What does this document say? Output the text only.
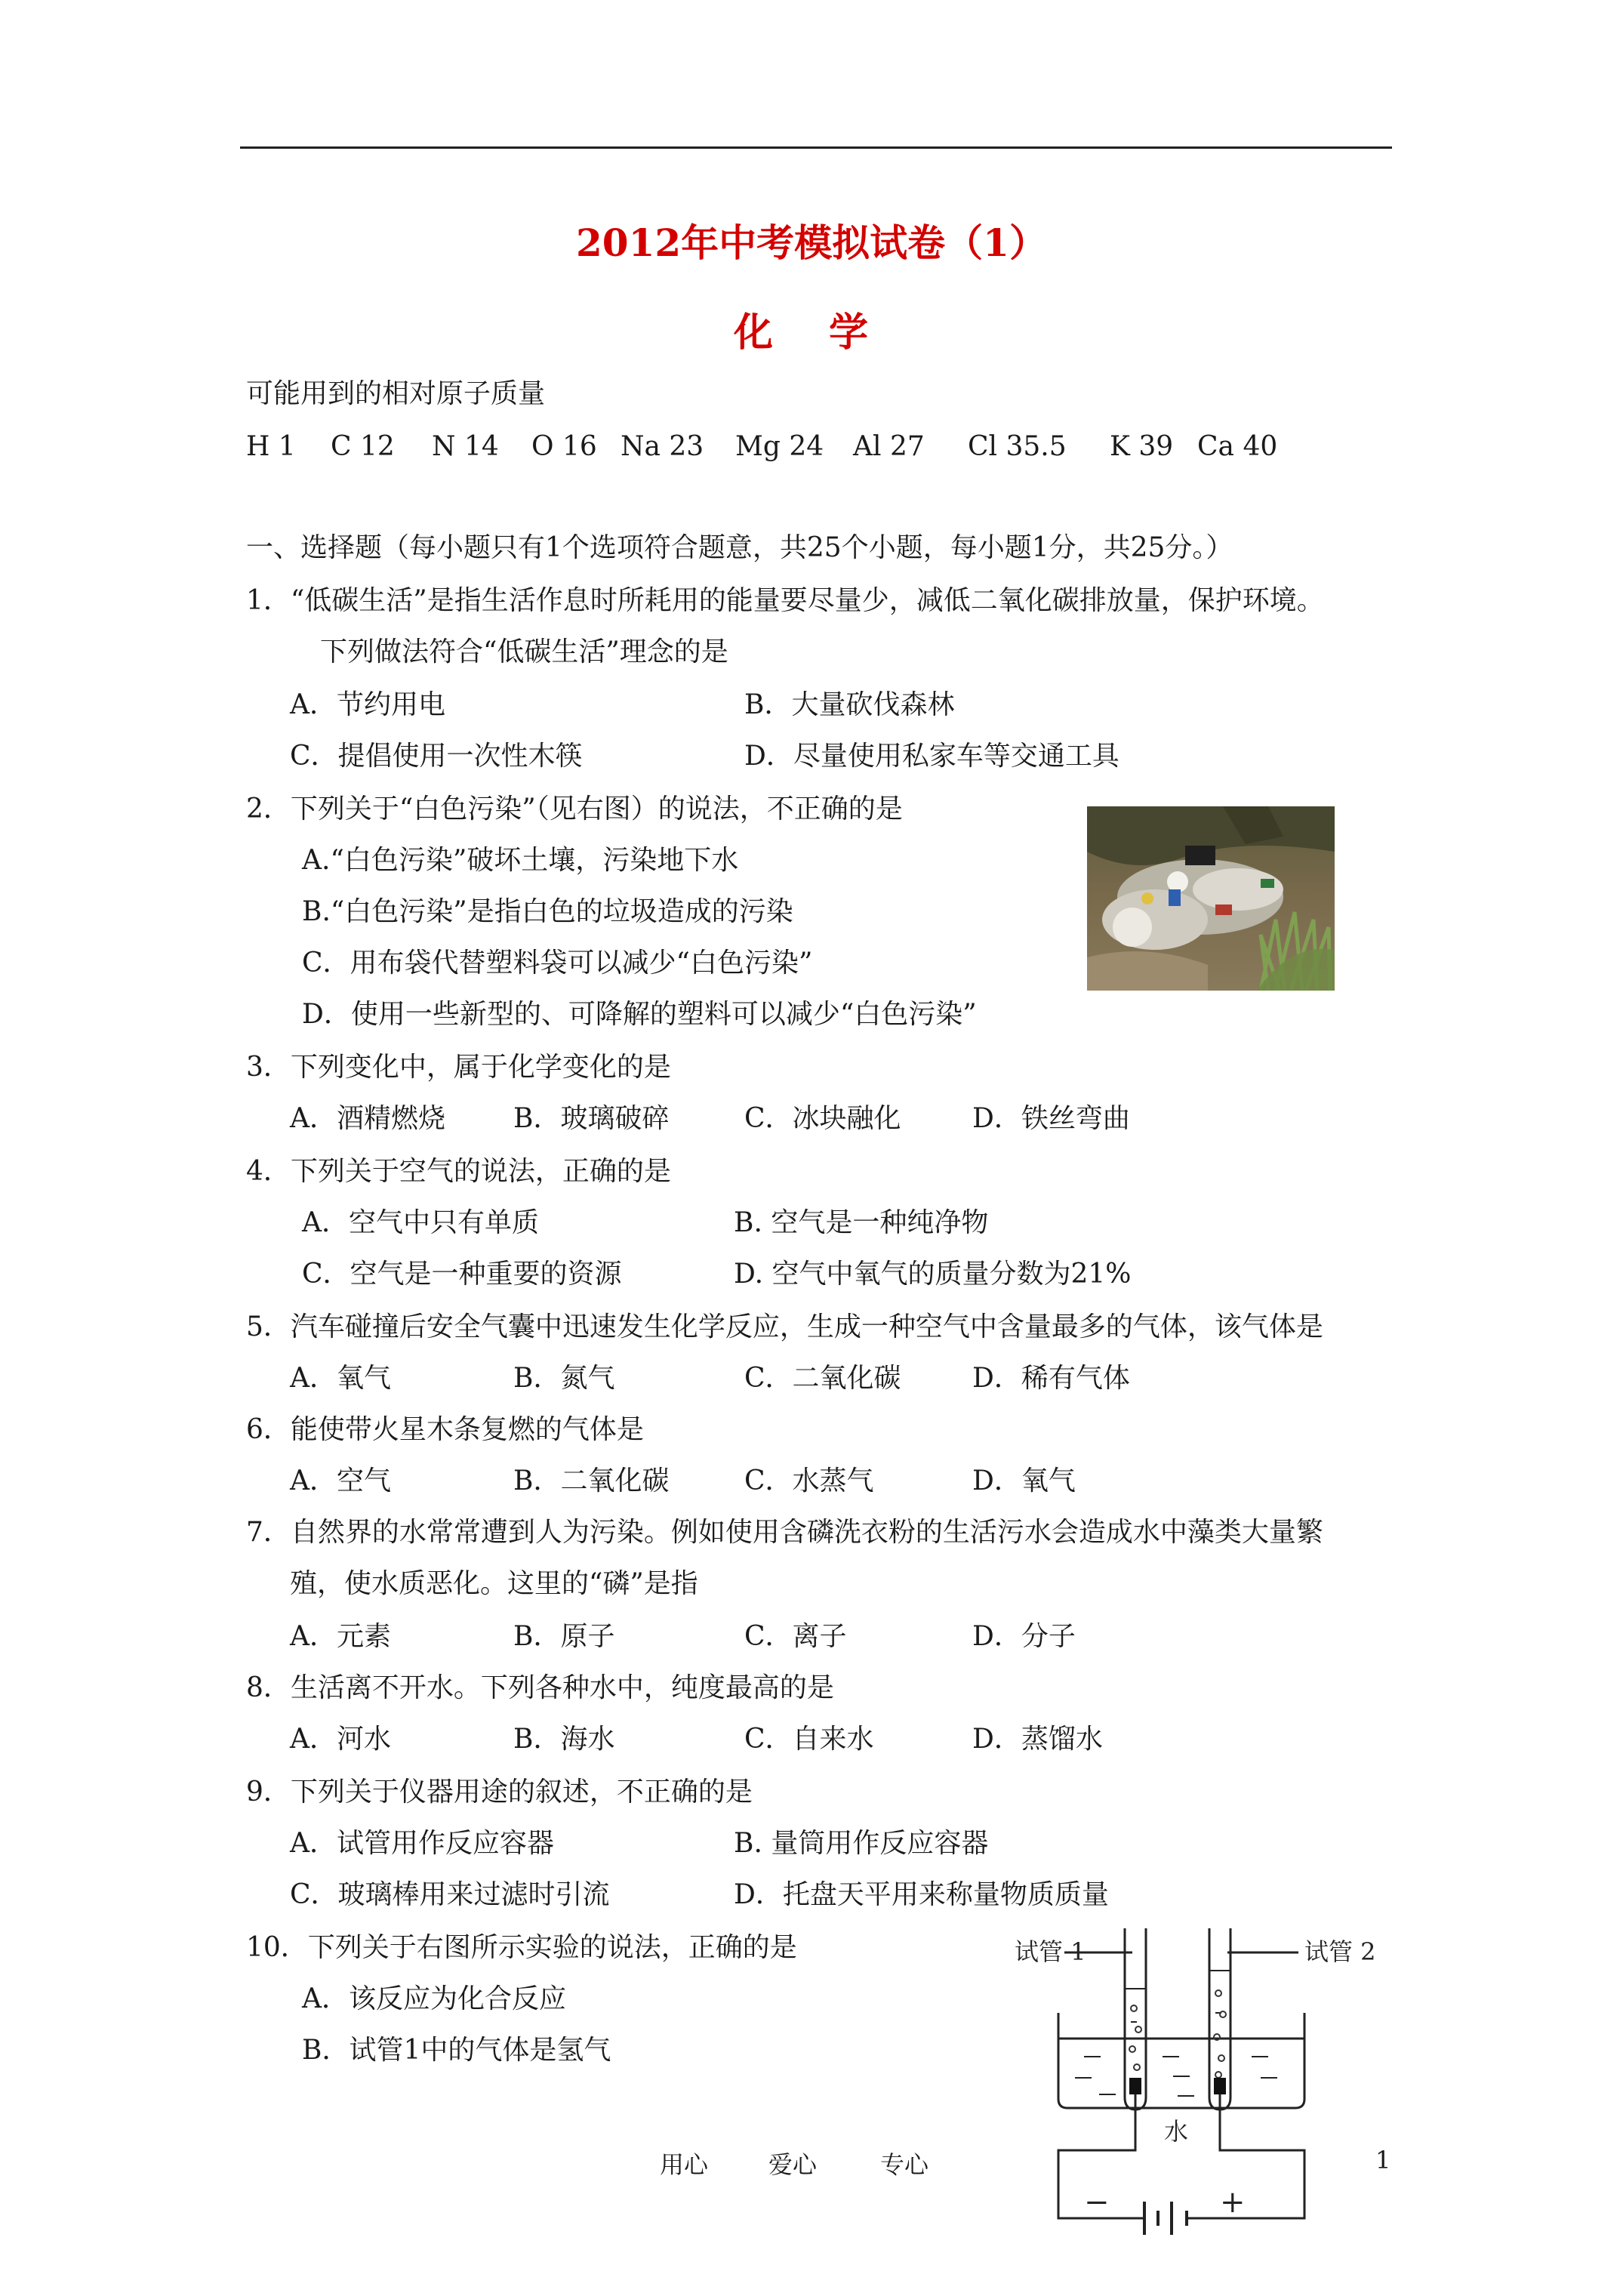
2012年中考模拟试卷（1）
化 学
可能用到的相对原子质量
H 1 C 12 N 14 O 16 Na 23 Mg 24 Al 27 Cl 35.5 K 39 Ca 40
一、选择题（每小题只有1个选项符合题意，共25个小题，每小题1分，共25分。）
1．“低碳生活”是指生活作息时所耗用的能量要尽量少，减低二氧化碳排放量，保护环境。
下列做法符合“低碳生活”理念的是
A．节约用电	B．大量砍伐森林
C．提倡使用一次性木筷	D．尽量使用私家车等交通工具
2．下列关于“白色污染”（见右图）的说法，不正确的是
A.“白色污染”破坏土壤，污染地下水
B.“白色污染”是指白色的垃圾造成的污染
C．用布袋代替塑料袋可以减少“白色污染”
D．使用一些新型的、可降解的塑料可以减少“白色污染”
3．下列变化中，属于化学变化的是
A．酒精燃烧	B．玻璃破碎	C．冰块融化	D．铁丝弯曲
4．下列关于空气的说法，正确的是
A．空气中只有单质	B. 空气是一种纯净物
C．空气是一种重要的资源	D. 空气中氧气的质量分数为21%
5．汽车碰撞后安全气囊中迅速发生化学反应，生成一种空气中含量最多的气体，该气体是
A．氧气	B．氮气	C．二氧化碳	D．稀有气体
6．能使带火星木条复燃的气体是
A．空气	B．二氧化碳	C．水蒸气	D．氧气
7．自然界的水常常遭到人为污染。例如使用含磷洗衣粉的生活污水会造成水中藻类大量繁
殖，使水质恶化。这里的“磷”是指
A．元素	B．原子	C．离子	D．分子
8．生活离不开水。下列各种水中，纯度最高的是
A．河水	B．海水	C．自来水	D．蒸馏水
9．下列关于仪器用途的叙述，不正确的是
A．试管用作反应容器	B. 量筒用作反应容器
C．玻璃棒用来过滤时引流	D．托盘天平用来称量物质质量
10．下列关于右图所示实验的说法，正确的是
A．该反应为化合反应
B．试管1中的气体是氢气
试管 1	试管 2
水
−	+
用心 爱心	专心	1
